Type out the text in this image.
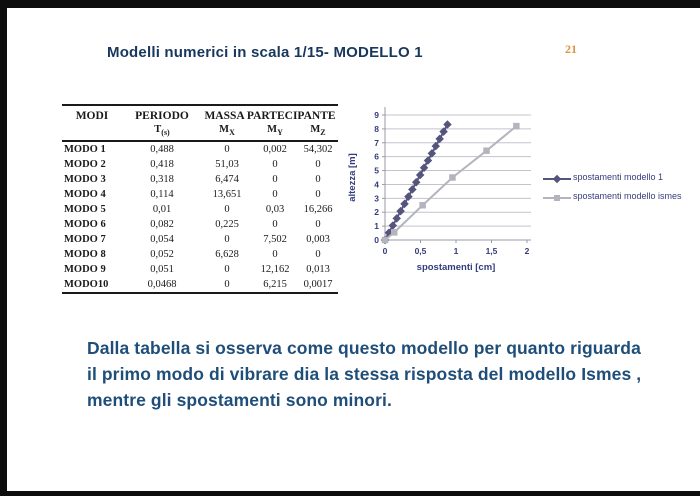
Modelli numerici in scala 1/15- MODELLO 1	21
MODI	PERIODO	MASSA PARTECIPANTE		
	$T_{(s)}$	$M_X$	$M_Y$	$M_Z$
MODO 1	0,488	0	0,002	54,302
MODO 2	0,418	51,03	0	0
MODO 3	0,318	6,474	0	0
MODO 4	0,114	13,651	0	0
MODO 5	0,01	0	0,03	16,266
MODO 6	0,082	0,225	0	0
MODO 7	0,054	0	7,502	0,003
MODO 8	0,052	6,628	0	0
MODO 9	0,051	0	12,162	0,013
MODO10	0,0468	0	6,215	0,0017
0
1
2
3
4
5
6
7
8
9
0	0,5	1	1,5	2
spostamenti [cm]
altezza [m]	spostamenti modello 1
spostamenti modello ismes
Dalla tabella si osserva come questo modello per quanto riguarda
il primo modo di vibrare dia la stessa risposta del modello Ismes ,
mentre gli spostamenti sono minori.
